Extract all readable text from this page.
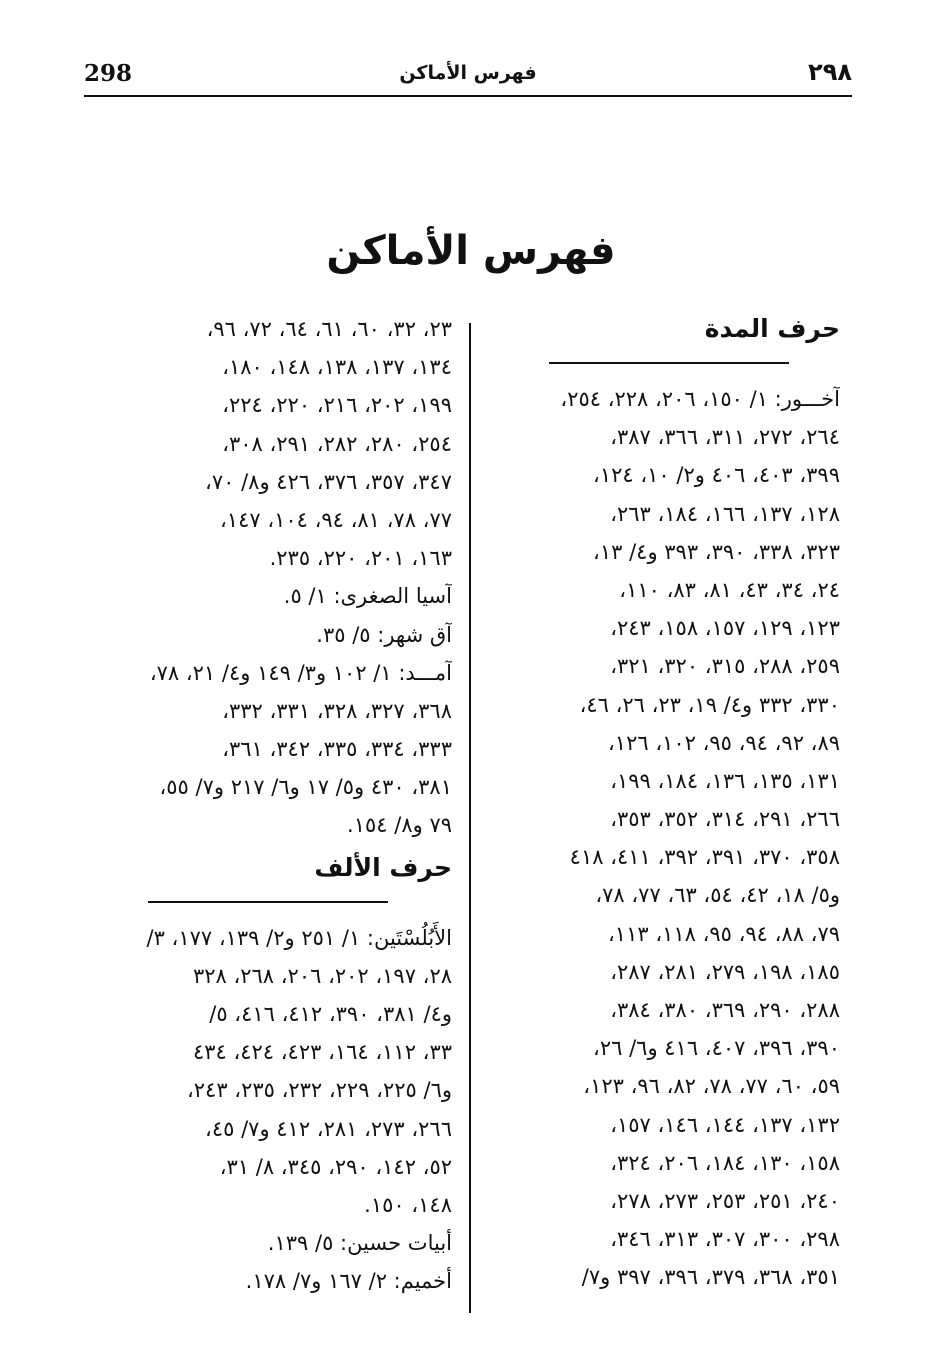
٢٩٨
فهرس الأماكن
298
فهرس الأماكن
حرف المدة
آخـــور: ١/ ١٥٠، ٢٠٦، ٢٢٨، ٢٥٤،
٢٦٤، ٢٧٢، ٣١١، ٣٦٦، ٣٨٧،
٣٩٩، ٤٠٣، ٤٠٦ و٢/ ١٠، ١٢٤،
١٢٨، ١٣٧، ١٦٦، ١٨٤، ٢٦٣،
٣٢٣، ٣٣٨، ٣٩٠، ٣٩٣ و٤/ ١٣،
٢٤، ٣٤، ٤٣، ٨١، ٨٣، ١١٠،
١٢٣، ١٢٩، ١٥٧، ١٥٨، ٢٤٣،
٢٥٩، ٢٨٨، ٣١٥، ٣٢٠، ٣٢١،
٣٣٠، ٣٣٢ و٤/ ١٩، ٢٣، ٢٦، ٤٦،
٨٩، ٩٢، ٩٤، ٩٥، ١٠٢، ١٢٦،
١٣١، ١٣٥، ١٣٦، ١٨٤، ١٩٩،
٢٦٦، ٢٩١، ٣١٤، ٣٥٢، ٣٥٣،
٣٥٨، ٣٧٠، ٣٩١، ٣٩٢، ٤١١، ٤١٨
و٥/ ١٨، ٤٢، ٥٤، ٦٣، ٧٧، ٧٨،
٧٩، ٨٨، ٩٤، ٩٥، ١١٨، ١١٣،
١٨٥، ١٩٨، ٢٧٩، ٢٨١، ٢٨٧،
٢٨٨، ٢٩٠، ٣٦٩، ٣٨٠، ٣٨٤،
٣٩٠، ٣٩٦، ٤٠٧، ٤١٦ و٦/ ٢٦،
٥٩، ٦٠، ٧٧، ٧٨، ٨٢، ٩٦، ١٢٣،
١٣٢، ١٣٧، ١٤٤، ١٤٦، ١٥٧،
١٥٨، ١٣٠، ١٨٤، ٢٠٦، ٣٢٤،
٢٤٠، ٢٥١، ٢٥٣، ٢٧٣، ٢٧٨،
٢٩٨، ٣٠٠، ٣٠٧، ٣١٣، ٣٤٦،
٣٥١، ٣٦٨، ٣٧٩، ٣٩٦، ٣٩٧ و٧/
٢٣، ٣٢، ٦٠، ٦١، ٦٤، ٧٢، ٩٦،
١٣٤، ١٣٧، ١٣٨، ١٤٨، ١٨٠،
١٩٩، ٢٠٢، ٢١٦، ٢٢٠، ٢٢٤،
٢٥٤، ٢٨٠، ٢٨٢، ٢٩١، ٣٠٨،
٣٤٧، ٣٥٧، ٣٧٦، ٤٢٦ و٨/ ٧٠،
٧٧، ٧٨، ٨١، ٩٤، ١٠٤، ١٤٧،
١٦٣، ٢٠١، ٢٢٠، ٢٣٥.
آسيا الصغرى: ١/ ٥.
آق شهر: ٥/ ٣٥.
آمـــد: ١/ ١٠٢ و٣/ ١٤٩ و٤/ ٢١، ٧٨،
٣٦٨، ٣٢٧، ٣٢٨، ٣٣١، ٣٣٢،
٣٣٣، ٣٣٤، ٣٣٥، ٣٤٢، ٣٦١،
٣٨١، ٤٣٠ و٥/ ١٧ و٦/ ٢١٧ و٧/ ٥٥،
٧٩ و٨/ ١٥٤.
حرف الألف
الأَبُلُسْتَين: ١/ ٢٥١ و٢/ ١٣٩، ١٧٧، ٣/
٢٨، ١٩٧، ٢٠٢، ٢٠٦، ٢٦٨، ٣٢٨
و٤/ ٣٨١، ٣٩٠، ٤١٢، ٤١٦، ٥/
٣٣، ١١٢، ١٦٤، ٤٢٣، ٤٢٤، ٤٣٤
و٦/ ٢٢٥، ٢٢٩، ٢٣٢، ٢٣٥، ٢٤٣،
٢٦٦، ٢٧٣، ٢٨١، ٤١٢ و٧/ ٤٥،
٥٢، ١٤٢، ٢٩٠، ٣٤٥، ٨/ ٣١،
١٤٨، ١٥٠.
أبيات حسين: ٥/ ١٣٩.
أخميم: ٢/ ١٦٧ و٧/ ١٧٨.
